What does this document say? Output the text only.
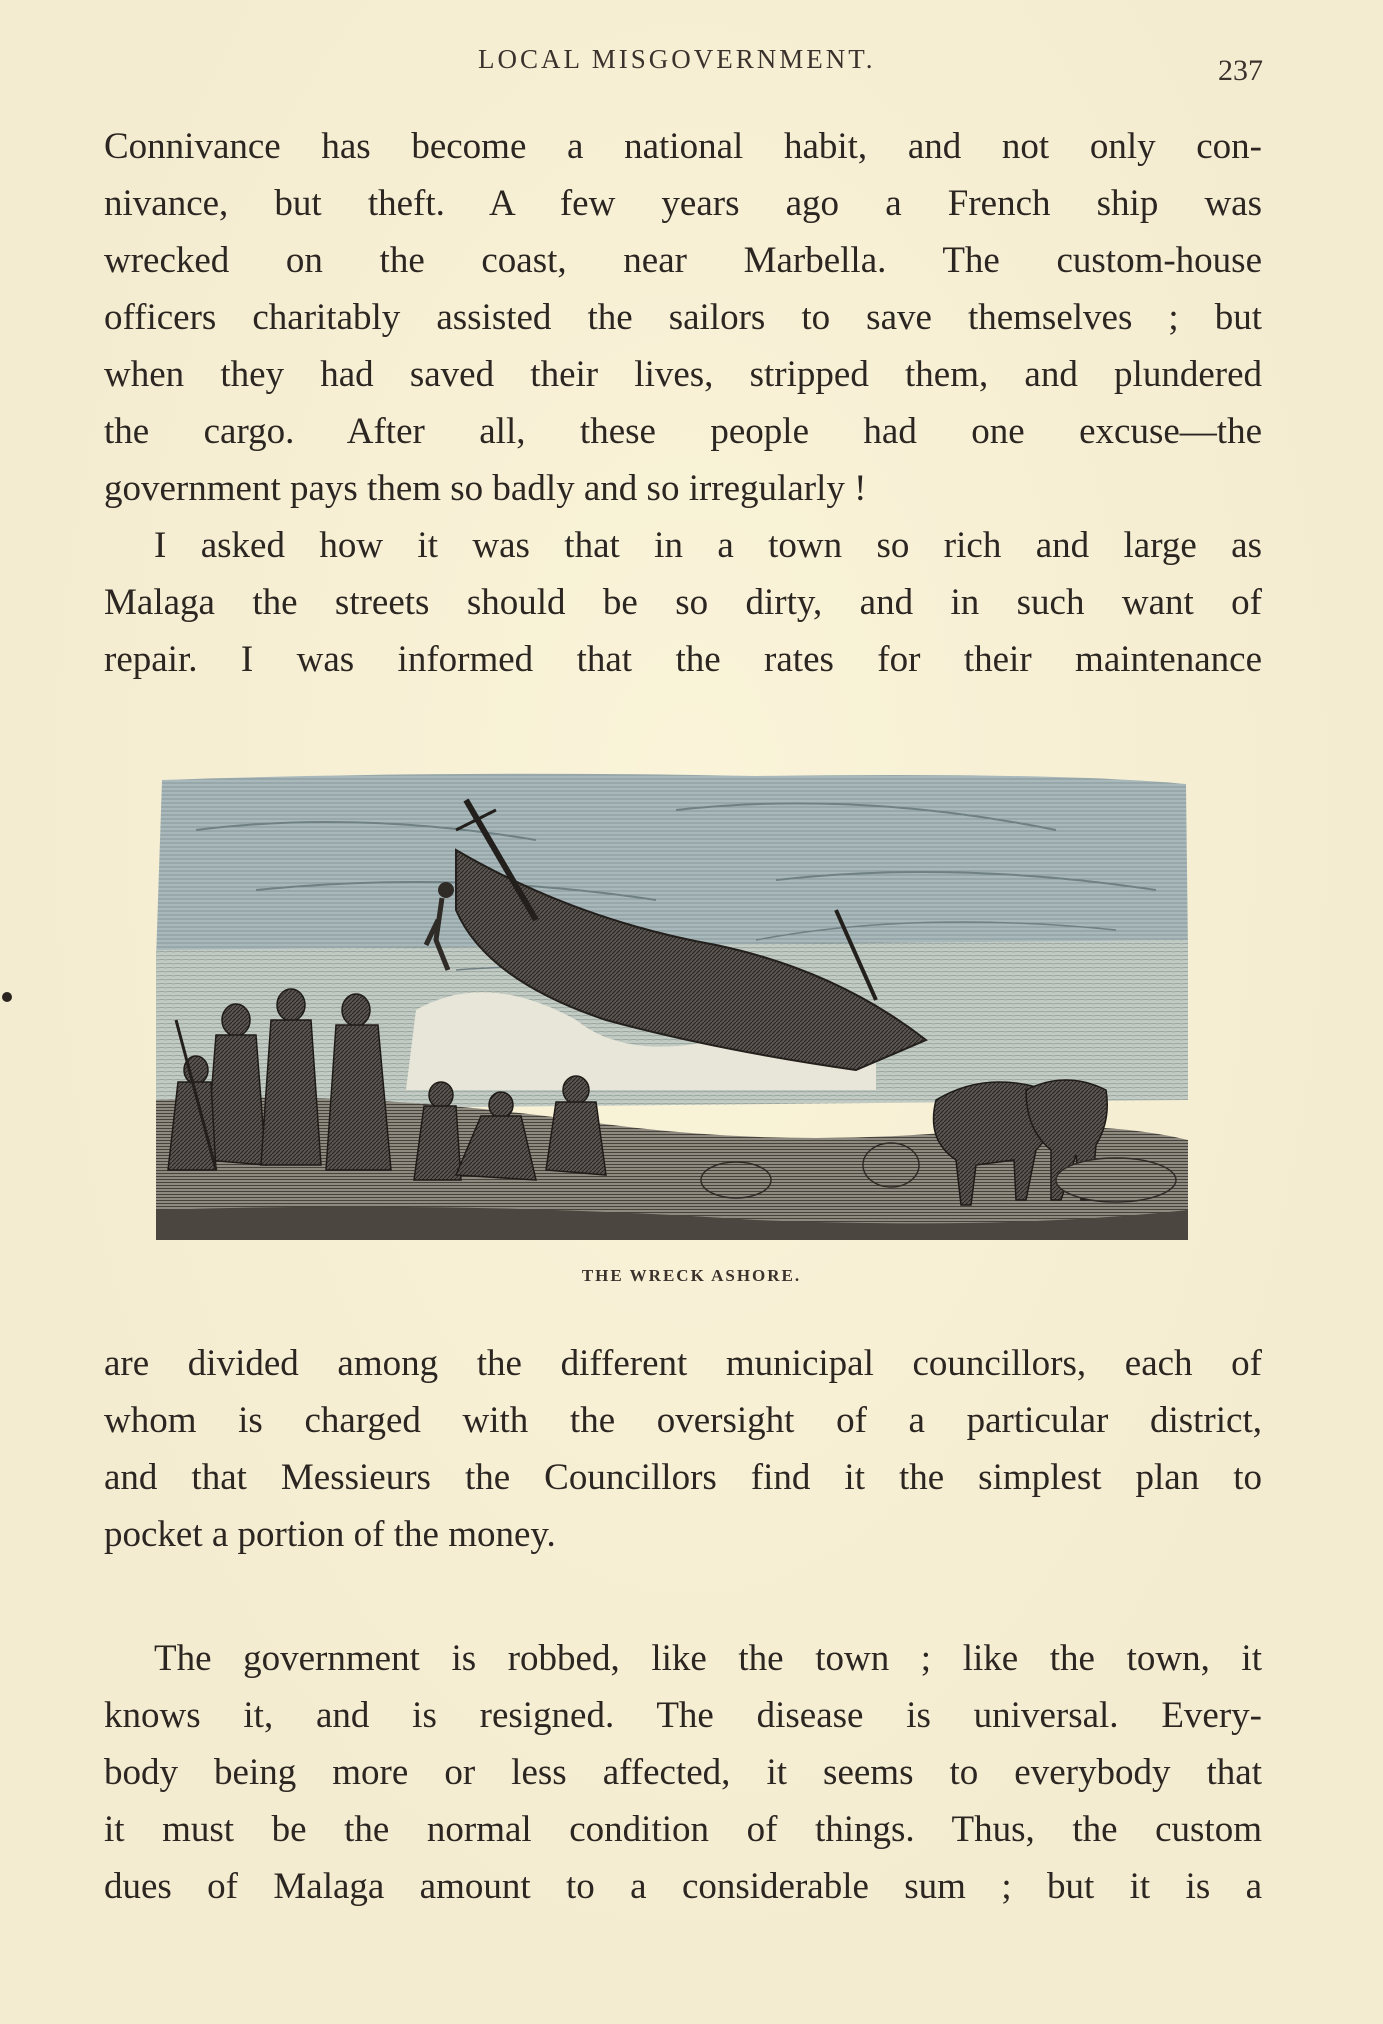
LOCAL MISGOVERNMENT.	237
Connivance has become a national habit, and not only con-
nivance, but theft. A few years ago a French ship was
wrecked on the coast, near Marbella. The custom-house
officers charitably assisted the sailors to save themselves ; but
when they had saved their lives, stripped them, and plundered
the cargo. After all, these people had one excuse—the
government pays them so badly and so irregularly !
I asked how it was that in a town so rich and large as
Malaga the streets should be so dirty, and in such want of
repair. I was informed that the rates for their maintenance
THE WRECK ASHORE.
are divided among the different municipal councillors, each of
whom is charged with the oversight of a particular district,
and that Messieurs the Councillors find it the simplest plan to
pocket a portion of the money.
The government is robbed, like the town ; like the town, it
knows it, and is resigned. The disease is universal. Every-
body being more or less affected, it seems to everybody that
it must be the normal condition of things. Thus, the custom
dues of Malaga amount to a considerable sum ; but it is a
